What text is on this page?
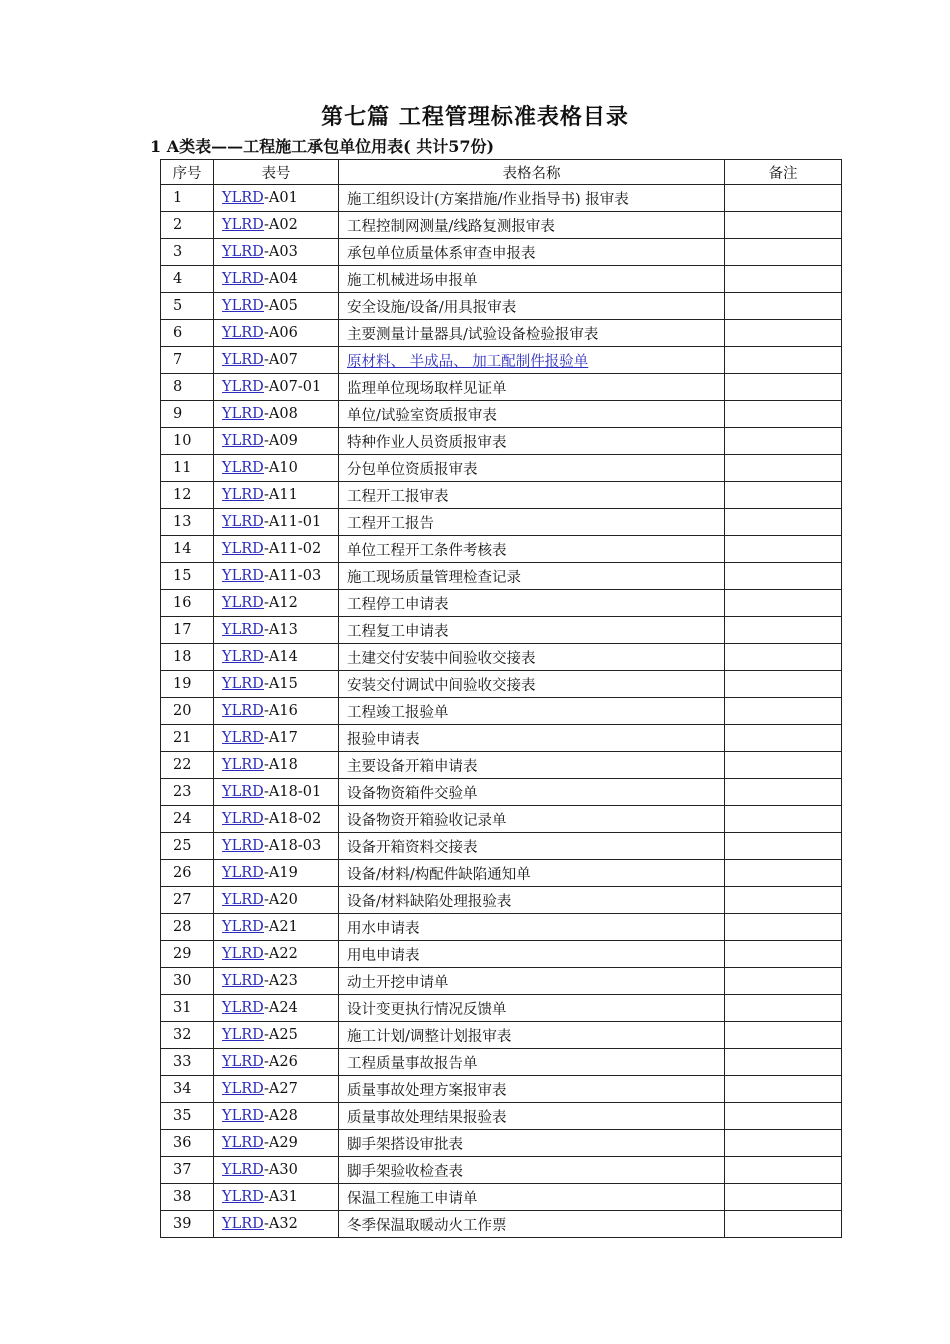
第七篇 工程管理标准表格目录
1 A类表——工程施工承包单位用表( 共计57份)
序号	表号	表格名称	备注
1	YLRD-A01	施工组织设计(方案措施/作业指导书) 报审表	
2	YLRD-A02	工程控制网测量/线路复测报审表	
3	YLRD-A03	承包单位质量体系审查申报表	
4	YLRD-A04	施工机械进场申报单	
5	YLRD-A05	安全设施/设备/用具报审表	
6	YLRD-A06	主要测量计量器具/试验设备检验报审表	
7	YLRD-A07	原材料、 半成品、 加工配制件报验单	
8	YLRD-A07-01	监理单位现场取样见证单	
9	YLRD-A08	单位/试验室资质报审表	
10	YLRD-A09	特种作业人员资质报审表	
11	YLRD-A10	分包单位资质报审表	
12	YLRD-A11	工程开工报审表	
13	YLRD-A11-01	工程开工报告	
14	YLRD-A11-02	单位工程开工条件考核表	
15	YLRD-A11-03	施工现场质量管理检查记录	
16	YLRD-A12	工程停工申请表	
17	YLRD-A13	工程复工申请表	
18	YLRD-A14	土建交付安装中间验收交接表	
19	YLRD-A15	安装交付调试中间验收交接表	
20	YLRD-A16	工程竣工报验单	
21	YLRD-A17	报验申请表	
22	YLRD-A18	主要设备开箱申请表	
23	YLRD-A18-01	设备物资箱件交验单	
24	YLRD-A18-02	设备物资开箱验收记录单	
25	YLRD-A18-03	设备开箱资料交接表	
26	YLRD-A19	设备/材料/构配件缺陷通知单	
27	YLRD-A20	设备/材料缺陷处理报验表	
28	YLRD-A21	用水申请表	
29	YLRD-A22	用电申请表	
30	YLRD-A23	动土开挖申请单	
31	YLRD-A24	设计变更执行情况反馈单	
32	YLRD-A25	施工计划/调整计划报审表	
33	YLRD-A26	工程质量事故报告单	
34	YLRD-A27	质量事故处理方案报审表	
35	YLRD-A28	质量事故处理结果报验表	
36	YLRD-A29	脚手架搭设审批表	
37	YLRD-A30	脚手架验收检查表	
38	YLRD-A31	保温工程施工申请单	
39	YLRD-A32	冬季保温取暖动火工作票	
